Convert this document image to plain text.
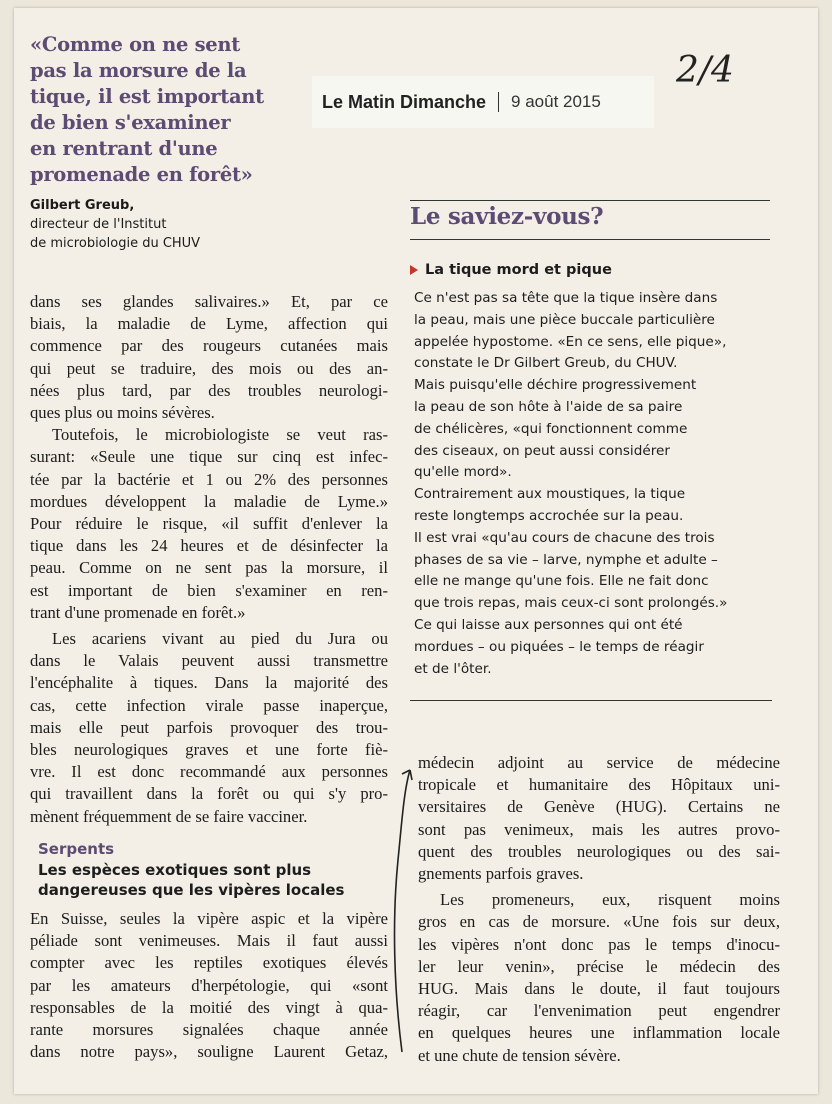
«Comme on ne sent
pas la morsure de la
tique, il est important
de bien s'examiner
en rentrant d'une
promenade en forêt»
Gilbert Greub,
directeur de l'Institut
de microbiologie du CHUV
Le Matin Dimanche 9 août 2015
2/4

dans ses glandes salivaires.» Et, par ce

biais, la maladie de Lyme, affection qui

commence par des rougeurs cutanées mais

qui peut se traduire, des mois ou des an-

nées plus tard, par des troubles neurologi-

ques plus ou moins sévères.

Toutefois, le microbiologiste se veut ras-

surant: «Seule une tique sur cinq est infec-

tée par la bactérie et 1 ou 2% des personnes

mordues développent la maladie de Lyme.»

Pour réduire le risque, «il suffit d'enlever la

tique dans les 24 heures et de désinfecter la

peau. Comme on ne sent pas la morsure, il

est important de bien s'examiner en ren-

trant d'une promenade en forêt.»

Les acariens vivant au pied du Jura ou

dans le Valais peuvent aussi transmettre

l'encéphalite à tiques. Dans la majorité des

cas, cette infection virale passe inaperçue,

mais elle peut parfois provoquer des trou-

bles neurologiques graves et une forte fiè-

vre. Il est donc recommandé aux personnes

qui travaillent dans la forêt ou qui s'y pro-

mènent fréquemment de se faire vacciner.

Serpents
Les espèces exotiques sont plus
dangereuses que les vipères locales

En Suisse, seules la vipère aspic et la vipère

péliade sont venimeuses. Mais il faut aussi

compter avec les reptiles exotiques élevés

par les amateurs d'herpétologie, qui «sont

responsables de la moitié des vingt à qua-

rante morsures signalées chaque année

dans notre pays», souligne Laurent Getaz,

Le saviez-vous?
La tique mord et pique

Ce n'est pas sa tête que la tique insère dans

la peau, mais une pièce buccale particulière

appelée hypostome. «En ce sens, elle pique»,

constate le Dr Gilbert Greub, du CHUV.

Mais puisqu'elle déchire progressivement

la peau de son hôte à l'aide de sa paire

de chélicères, «qui fonctionnent comme

des ciseaux, on peut aussi considérer

qu'elle mord».

Contrairement aux moustiques, la tique

reste longtemps accrochée sur la peau.

Il est vrai «qu'au cours de chacune des trois

phases de sa vie – larve, nymphe et adulte –

elle ne mange qu'une fois. Elle ne fait donc

que trois repas, mais ceux-ci sont prolongés.»

Ce qui laisse aux personnes qui ont été

mordues – ou piquées – le temps de réagir

et de l'ôter.

médecin adjoint au service de médecine

tropicale et humanitaire des Hôpitaux uni-

versitaires de Genève (HUG). Certains ne

sont pas venimeux, mais les autres provo-

quent des troubles neurologiques ou des sai-

gnements parfois graves.

Les promeneurs, eux, risquent moins

gros en cas de morsure. «Une fois sur deux,

les vipères n'ont donc pas le temps d'inocu-

ler leur venin», précise le médecin des

HUG. Mais dans le doute, il faut toujours

réagir, car l'envenimation peut engendrer

en quelques heures une inflammation locale

et une chute de tension sévère.
